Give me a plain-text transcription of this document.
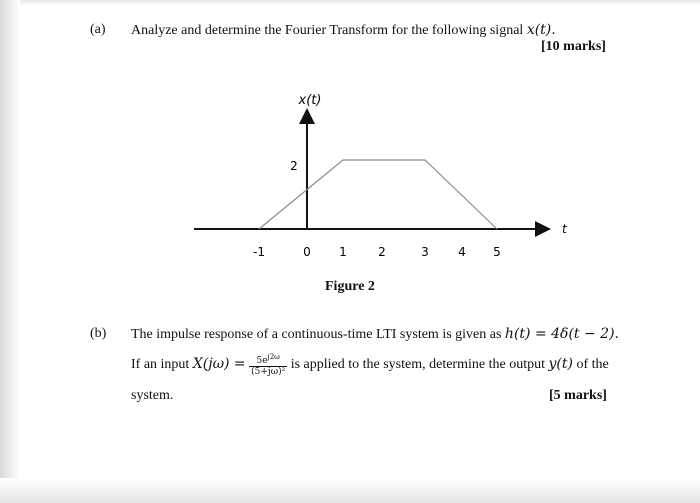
(a) Analyze and determine the Fourier Transform for the following signal x(t).
[10 marks]
x(t)
t
2
-1	0 1	2	3 4 5
Figure 2
(b) The impulse response of a continuous-time LTI system is given as h(t) = 4δ(t − 2).
If an input $X(j\omega) = \frac{5e^{j2\omega}}{\text{(5+jω)²}}$ is applied to the system, determine the output y(t) of the
system.	[5 marks]
